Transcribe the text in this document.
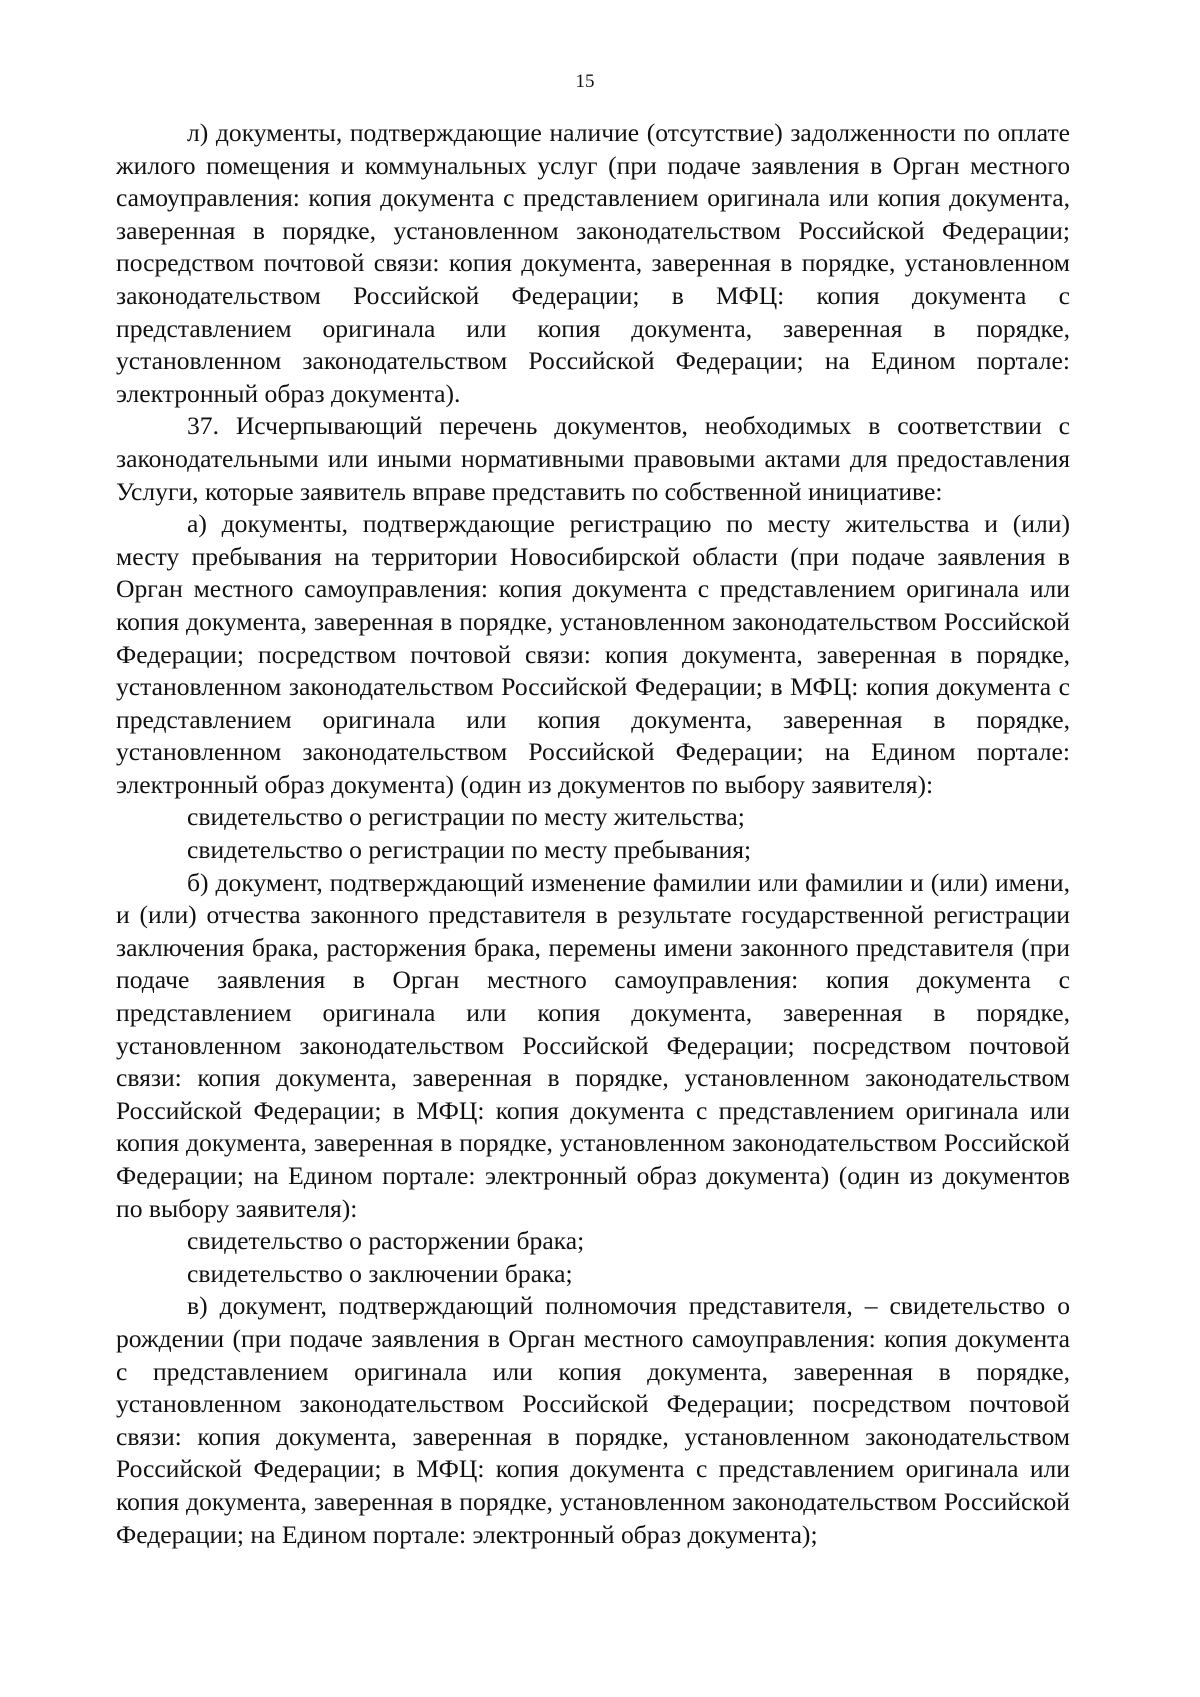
15

л) документы, подтверждающие наличие (отсутствие) задолженности по оплате жилого помещения и коммунальных услуг (при подаче заявления в Орган местного самоуправления: копия документа с представлением оригинала или копия документа, заверенная в порядке, установленном законодательством Российской Федерации; посредством почтовой связи: копия документа, заверенная в порядке, установленном законодательством Российской Федерации; в МФЦ: копия документа с представлением оригинала или копия документа, заверенная в порядке, установленном законодательством Российской Федерации; на Едином портале: электронный образ документа).

37. Исчерпывающий перечень документов, необходимых в соответствии с законодательными или иными нормативными правовыми актами для предоставления Услуги, которые заявитель вправе представить по собственной инициативе:

а) документы, подтверждающие регистрацию по месту жительства и (или) месту пребывания на территории Новосибирской области (при подаче заявления в Орган местного самоуправления: копия документа с представлением оригинала или копия документа, заверенная в порядке, установленном законодательством Российской Федерации; посредством почтовой связи: копия документа, заверенная в порядке, установленном законодательством Российской Федерации; в МФЦ: копия документа с представлением оригинала или копия документа, заверенная в порядке, установленном законодательством Российской Федерации; на Едином портале: электронный образ документа) (один из документов по выбору заявителя):

свидетельство о регистрации по месту жительства;

свидетельство о регистрации по месту пребывания;

б) документ, подтверждающий изменение фамилии или фамилии и (или) имени, и (или) отчества законного представителя в результате государственной регистрации заключения брака, расторжения брака, перемены имени законного представителя (при подаче заявления в Орган местного самоуправления: копия документа с представлением оригинала или копия документа, заверенная в порядке, установленном законодательством Российской Федерации; посредством почтовой связи: копия документа, заверенная в порядке, установленном законодательством Российской Федерации; в МФЦ: копия документа с представлением оригинала или копия документа, заверенная в порядке, установленном законодательством Российской Федерации; на Едином портале: электронный образ документа) (один из документов по выбору заявителя):

свидетельство о расторжении брака;

свидетельство о заключении брака;

в) документ, подтверждающий полномочия представителя, – свидетельство о рождении (при подаче заявления в Орган местного самоуправления: копия документа с представлением оригинала или копия документа, заверенная в порядке, установленном законодательством Российской Федерации; посредством почтовой связи: копия документа, заверенная в порядке, установленном законодательством Российской Федерации; в МФЦ: копия документа с представлением оригинала или копия документа, заверенная в порядке, установленном законодательством Российской Федерации; на Едином портале: электронный образ документа);
